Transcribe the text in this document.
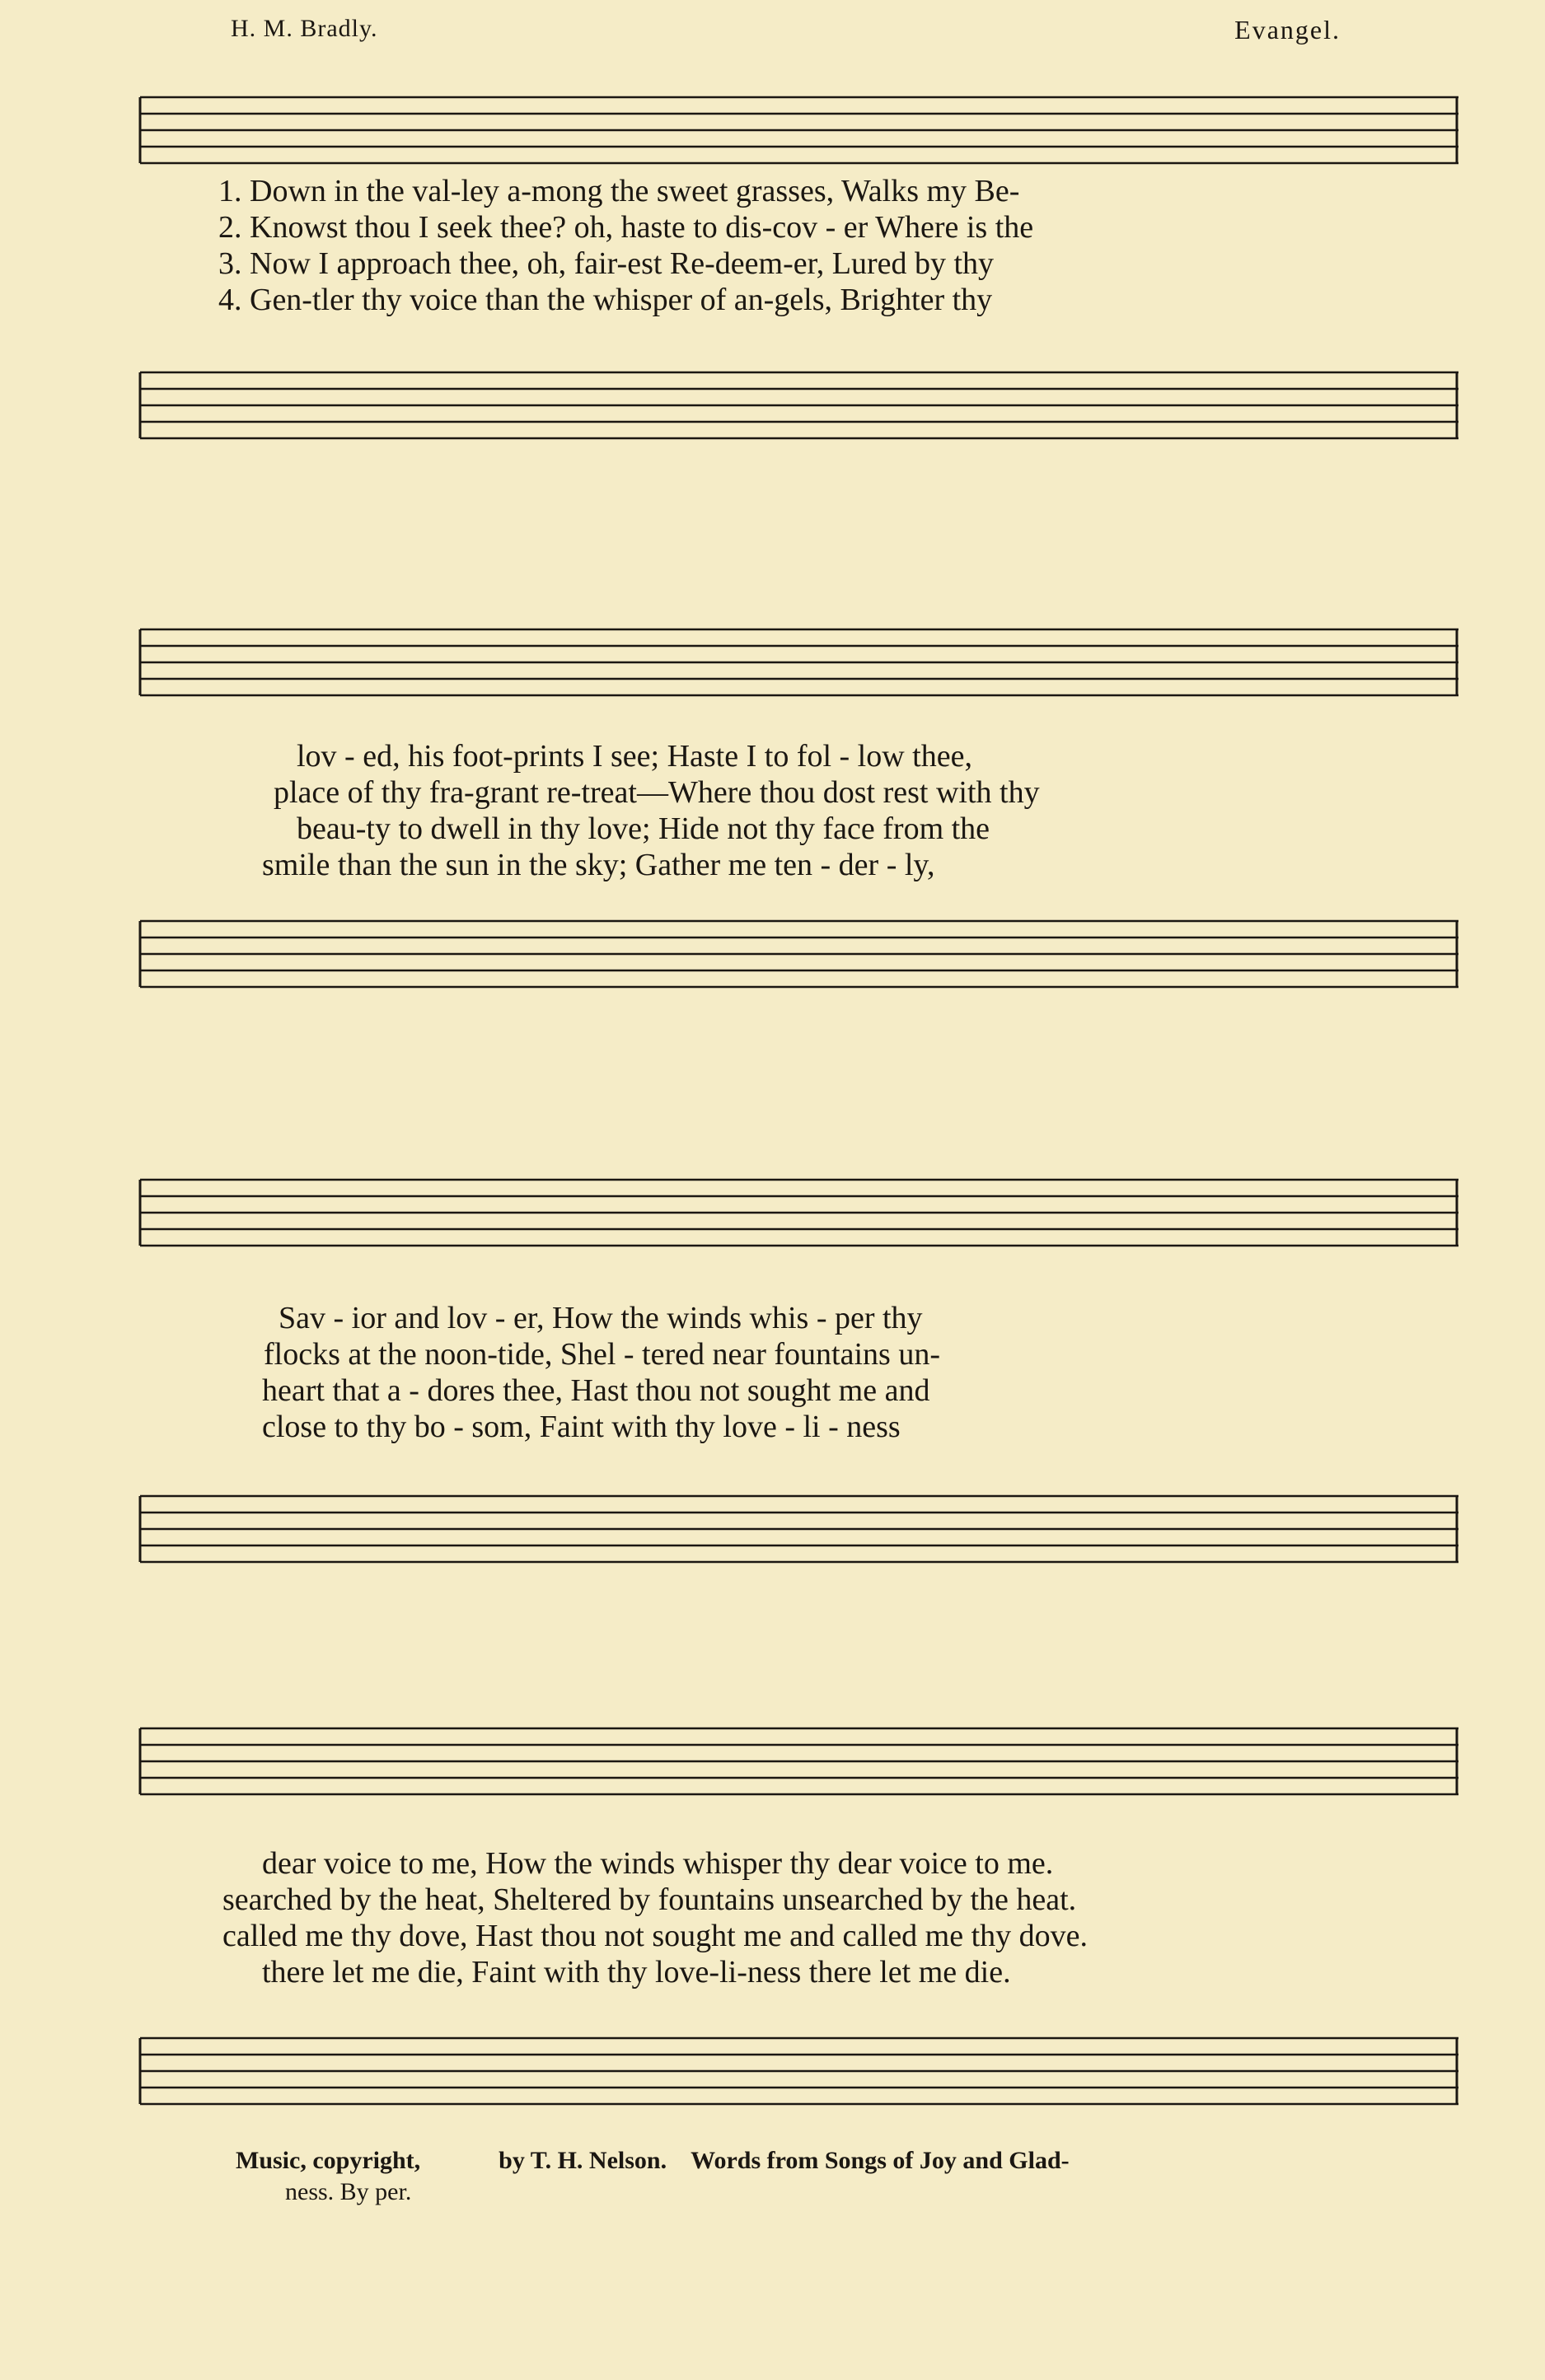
H. M. Bradly.	Evangel.
1. Down in the val-ley a-mong the sweet grasses, Walks my Be-
2. Knowst thou I seek thee? oh, haste to dis-cov - er Where is the
3. Now I approach thee, oh, fair-est Re-deem-er, Lured by thy
4. Gen-tler thy voice than the whisper of an-gels, Brighter thy
lov - ed, his foot-prints I see; Haste I to fol - low thee,
place of thy fra-grant re-treat—Where thou dost rest with thy
beau-ty to dwell in thy love; Hide not thy face from the
smile than the sun in the sky; Gather me ten - der - ly,
Sav - ior and lov - er, How the winds whis - per thy
flocks at the noon-tide, Shel - tered near fountains un-
heart that a - dores thee, Hast thou not sought me and
close to thy bo - som, Faint with thy love - li - ness
dear voice to me, How the winds whisper thy dear voice to me.
searched by the heat, Sheltered by fountains unsearched by the heat.
called me thy dove, Hast thou not sought me and called me thy dove.
there let me die, Faint with thy love-li-ness there let me die.
Music, copyright,	by T. H. Nelson. Words from Songs of Joy and Glad-
ness. By per.
